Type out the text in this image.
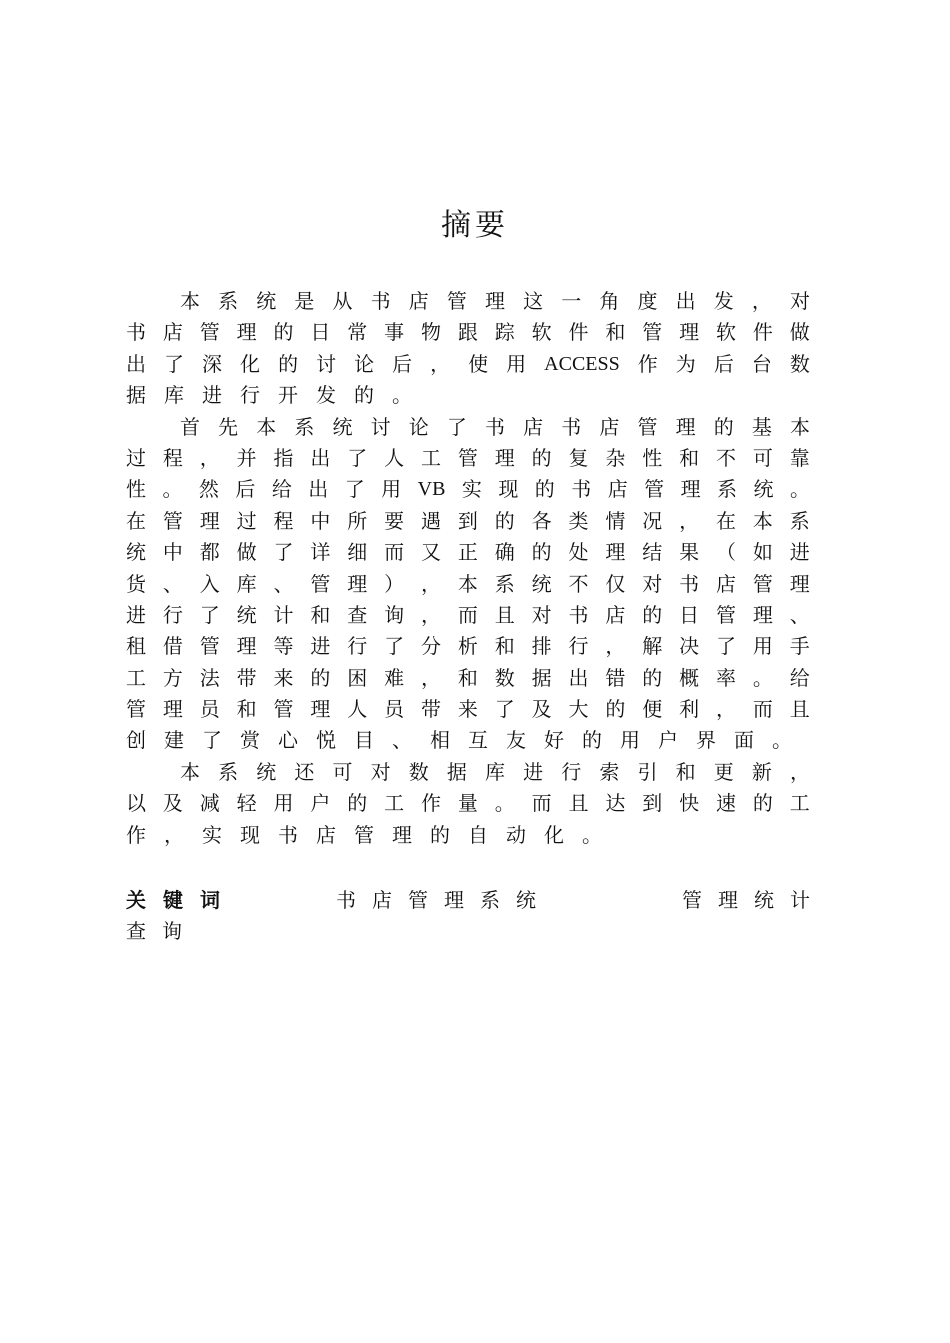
摘要
本 系 统 是 从 书 店 管 理 这 一 角 度 出 发 ， 对
书 店 管 理 的 日 常 事 物 跟 踪 软 件 和 管 理 软 件 做
出 了 深 化 的 讨 论 后 ， 使 用 ACCESS 作 为 后 台 数
据 库 进 行 开 发 的 。
首 先 本 系 统 讨 论 了 书 店 书 店 管 理 的 基 本
过 程 ， 并 指 出 了 人 工 管 理 的 复 杂 性 和 不 可 靠
性 。 然 后 给 出 了 用 VB 实 现 的 书 店 管 理 系 统 。
在 管 理 过 程 中 所 要 遇 到 的 各 类 情 况 ， 在 本 系
统 中 都 做 了 详 细 而 又 正 确 的 处 理 结 果 （ 如 进
货 、 入 库 、 管 理 ） ， 本 系 统 不 仅 对 书 店 管 理
进 行 了 统 计 和 查 询 ， 而 且 对 书 店 的 日 管 理 、
租 借 管 理 等 进 行 了 分 析 和 排 行 ， 解 决 了 用 手
工 方 法 带 来 的 困 难 ， 和 数 据 出 错 的 概 率 。 给
管 理 员 和 管 理 人 员 带 来 了 及 大 的 便 利 ， 而 且
创 建 了 赏 心 悦 目 、 相 互 友 好 的 用 户 界 面 。
本 系 统 还 可 对 数 据 库 进 行 索 引 和 更 新 ，
以 及 减 轻 用 户 的 工 作 量 。 而 且 达 到 快 速 的 工
作 ， 实 现 书 店 管 理 的 自 动 化 。
关键词	书店管理系统	管理统计
查询
